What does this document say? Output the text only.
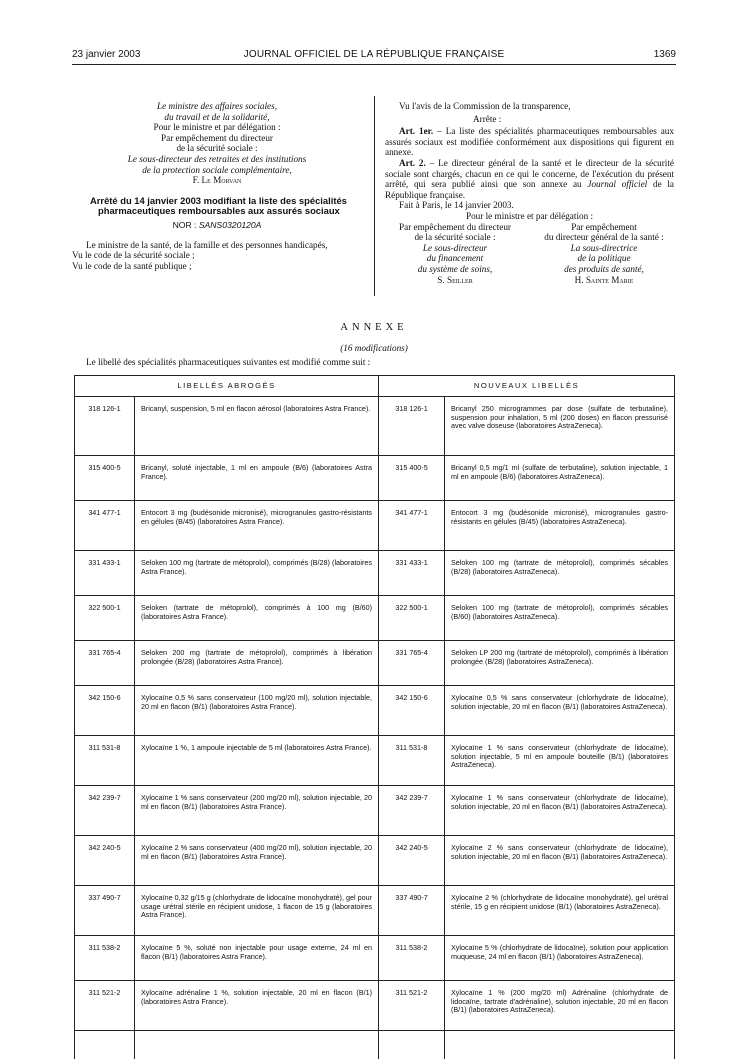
23 janvier 2003	JOURNAL OFFICIEL DE LA RÉPUBLIQUE FRANÇAISE	1369
Le ministre des affaires sociales,
du travail et de la solidarité,
Pour le ministre et par délégation :
Par empêchement du directeur
de la sécurité sociale :
Le sous-directeur des retraites et des institutions
de la protection sociale complémentaire,
F. Le Morvan
Arrêté du 14 janvier 2003 modifiant la liste des spécialités pharmaceutiques remboursables aux assurés sociaux
NOR : SANS0320120A
Le ministre de la santé, de la famille et des personnes handicapés,
Vu le code de la sécurité sociale ;
Vu le code de la santé publique ;
Vu l'avis de la Commission de la transparence,
Arrête :
Art. 1er. – La liste des spécialités pharmaceutiques remboursables aux assurés sociaux est modifiée conformément aux dispositions qui figurent en annexe.
Art. 2. – Le directeur général de la santé et le directeur de la sécurité sociale sont chargés, chacun en ce qui le concerne, de l'exécution du présent arrêté, qui sera publié ainsi que son annexe au Journal officiel de la République française.
Fait à Paris, le 14 janvier 2003.
Pour le ministre et par délégation :
Par empêchement du directeur
de la sécurité sociale :
Le sous-directeur
du financement
du système de soins,
S. Seiller
Par empêchement
du directeur général de la santé :
La sous-directrice
de la politique
des produits de santé,
H. Sainte Marie
ANNEXE
(16 modifications)
Le libellé des spécialités pharmaceutiques suivantes est modifié comme suit :
LIBELLÉS ABROGÉS		NOUVEAUX LIBELLÉS	
318 126-1	Bricanyl, suspension, 5 ml en flacon aérosol (laboratoires Astra France).	318 126-1	Bricanyl 250 microgrammes par dose (sulfate de terbutaline), suspension pour inhalation, 5 ml (200 doses) en flacon pressurisé avec valve doseuse (laboratoires AstraZeneca).
315 400-5	Bricanyl, soluté injectable, 1 ml en ampoule (B/6) (laboratoires Astra France).	315 400-5	Bricanyl 0,5 mg/1 ml (sulfate de terbutaline), solution injectable, 1 ml en ampoule (B/6) (laboratoires AstraZeneca).
341 477-1	Entocort 3 mg (budésonide micronisé), microgranules gastro-résistants en gélules (B/45) (laboratoires Astra France).	341 477-1	Entocort 3 mg (budésonide micronisé), microgranules gastro-résistants en gélules (B/45) (laboratoires AstraZeneca).
331 433-1	Seloken 100 mg (tartrate de métoprolol), comprimés (B/28) (laboratoires Astra France).	331 433-1	Seloken 100 mg (tartrate de métoprolol), comprimés sécables (B/28) (laboratoires AstraZeneca).
322 500-1	Seloken (tartrate de métoprolol), comprimés à 100 mg (B/60) (laboratoires Astra France).	322 500-1	Seloken 100 mg (tartrate de métoprolol), comprimés sécables (B/60) (laboratoires AstraZeneca).
331 765-4	Seloken 200 mg (tartrate de métoprolol), comprimés à libération prolongée (B/28) (laboratoires Astra France).	331 765-4	Seloken LP 200 mg (tartrate de métoprolol), comprimés à libération prolongée (B/28) (laboratoires AstraZeneca).
342 150-6	Xylocaïne 0,5 % sans conservateur (100 mg/20 ml), solution injectable, 20 ml en flacon (B/1) (laboratoires Astra France).	342 150-6	Xylocaïne 0,5 % sans conservateur (chlorhydrate de lidocaïne), solution injectable, 20 ml en flacon (B/1) (laboratoires AstraZeneca).
311 531-8	Xylocaïne 1 %, 1 ampoule injectable de 5 ml (laboratoires Astra France).	311 531-8	Xylocaïne 1 % sans conservateur (chlorhydrate de lidocaïne), solution injectable, 5 ml en ampoule bouteille (B/1) (laboratoires AstraZeneca).
342 239-7	Xylocaïne 1 % sans conservateur (200 mg/20 ml), solution injectable, 20 ml en flacon (B/1) (laboratoires Astra France).	342 239-7	Xylocaïne 1 % sans conservateur (chlorhydrate de lidocaïne), solution injectable, 20 ml en flacon (B/1) (laboratoires AstraZeneca).
342 240-5	Xylocaïne 2 % sans conservateur (400 mg/20 ml), solution injectable, 20 ml en flacon (B/1) (laboratoires Astra France).	342 240-5	Xylocaïne 2 % sans conservateur (chlorhydrate de lidocaïne), solution injectable, 20 ml en flacon (B/1) (laboratoires AstraZeneca).
337 490-7	Xylocaïne 0,32 g/15 g (chlorhydrate de lidocaïne monohydraté), gel pour usage urétral stérile en récipient unidose, 1 flacon de 15 g (laboratoires Astra France).	337 490-7	Xylocaïne 2 % (chlorhydrate de lidocaïne monohydraté), gel urétral stérile, 15 g en récipient unidose (B/1) (laboratoires AstraZeneca).
311 538-2	Xylocaïne 5 %, soluté non injectable pour usage externe, 24 ml en flacon (B/1) (laboratoires Astra France).	311 538-2	Xylocaïne 5 % (chlorhydrate de lidocaïne), solution pour application muqueuse, 24 ml en flacon (B/1) (laboratoires AstraZeneca).
311 521-2	Xylocaïne adrénaline 1 %, solution injectable, 20 ml en flacon (B/1) (laboratoires Astra France).	311 521-2	Xylocaïne 1 % (200 mg/20 ml) Adrénaline (chlorhydrate de lidocaïne, tartrate d'adrénaline), solution injectable, 20 ml en flacon (B/1) (laboratoires AstraZeneca).
